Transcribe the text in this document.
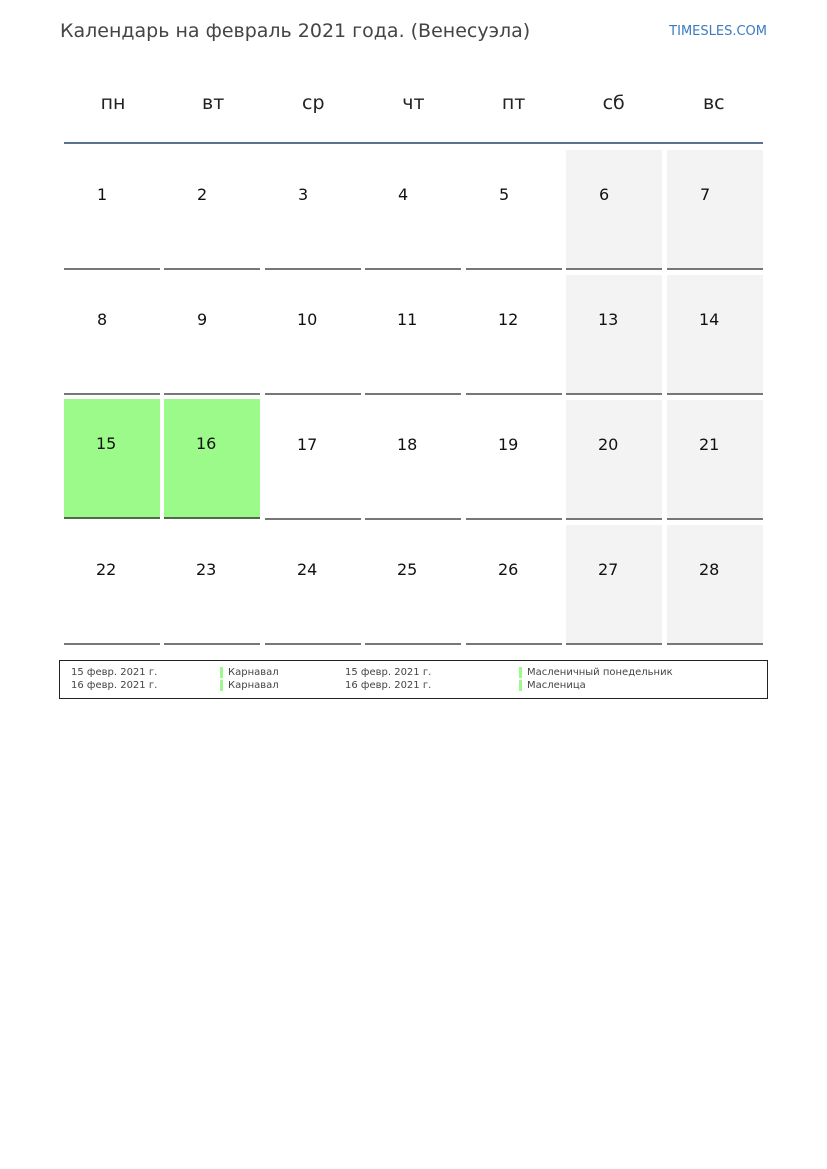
Календарь на февраль 2021 года. (Венесуэла)	TIMESLES.COM
пн	вт	ср	чт	пт	сб	вс
1	2	3	4	5	6	7
8	9	10	11	12	13	14
15	16	17	18	19	20	21
22	23	24	25	26	27	28
15 февр. 2021 г.	Карнавал	15 февр. 2021 г.	Масленичный понедельник
16 февр. 2021 г.	Карнавал	16 февр. 2021 г.	Масленица
